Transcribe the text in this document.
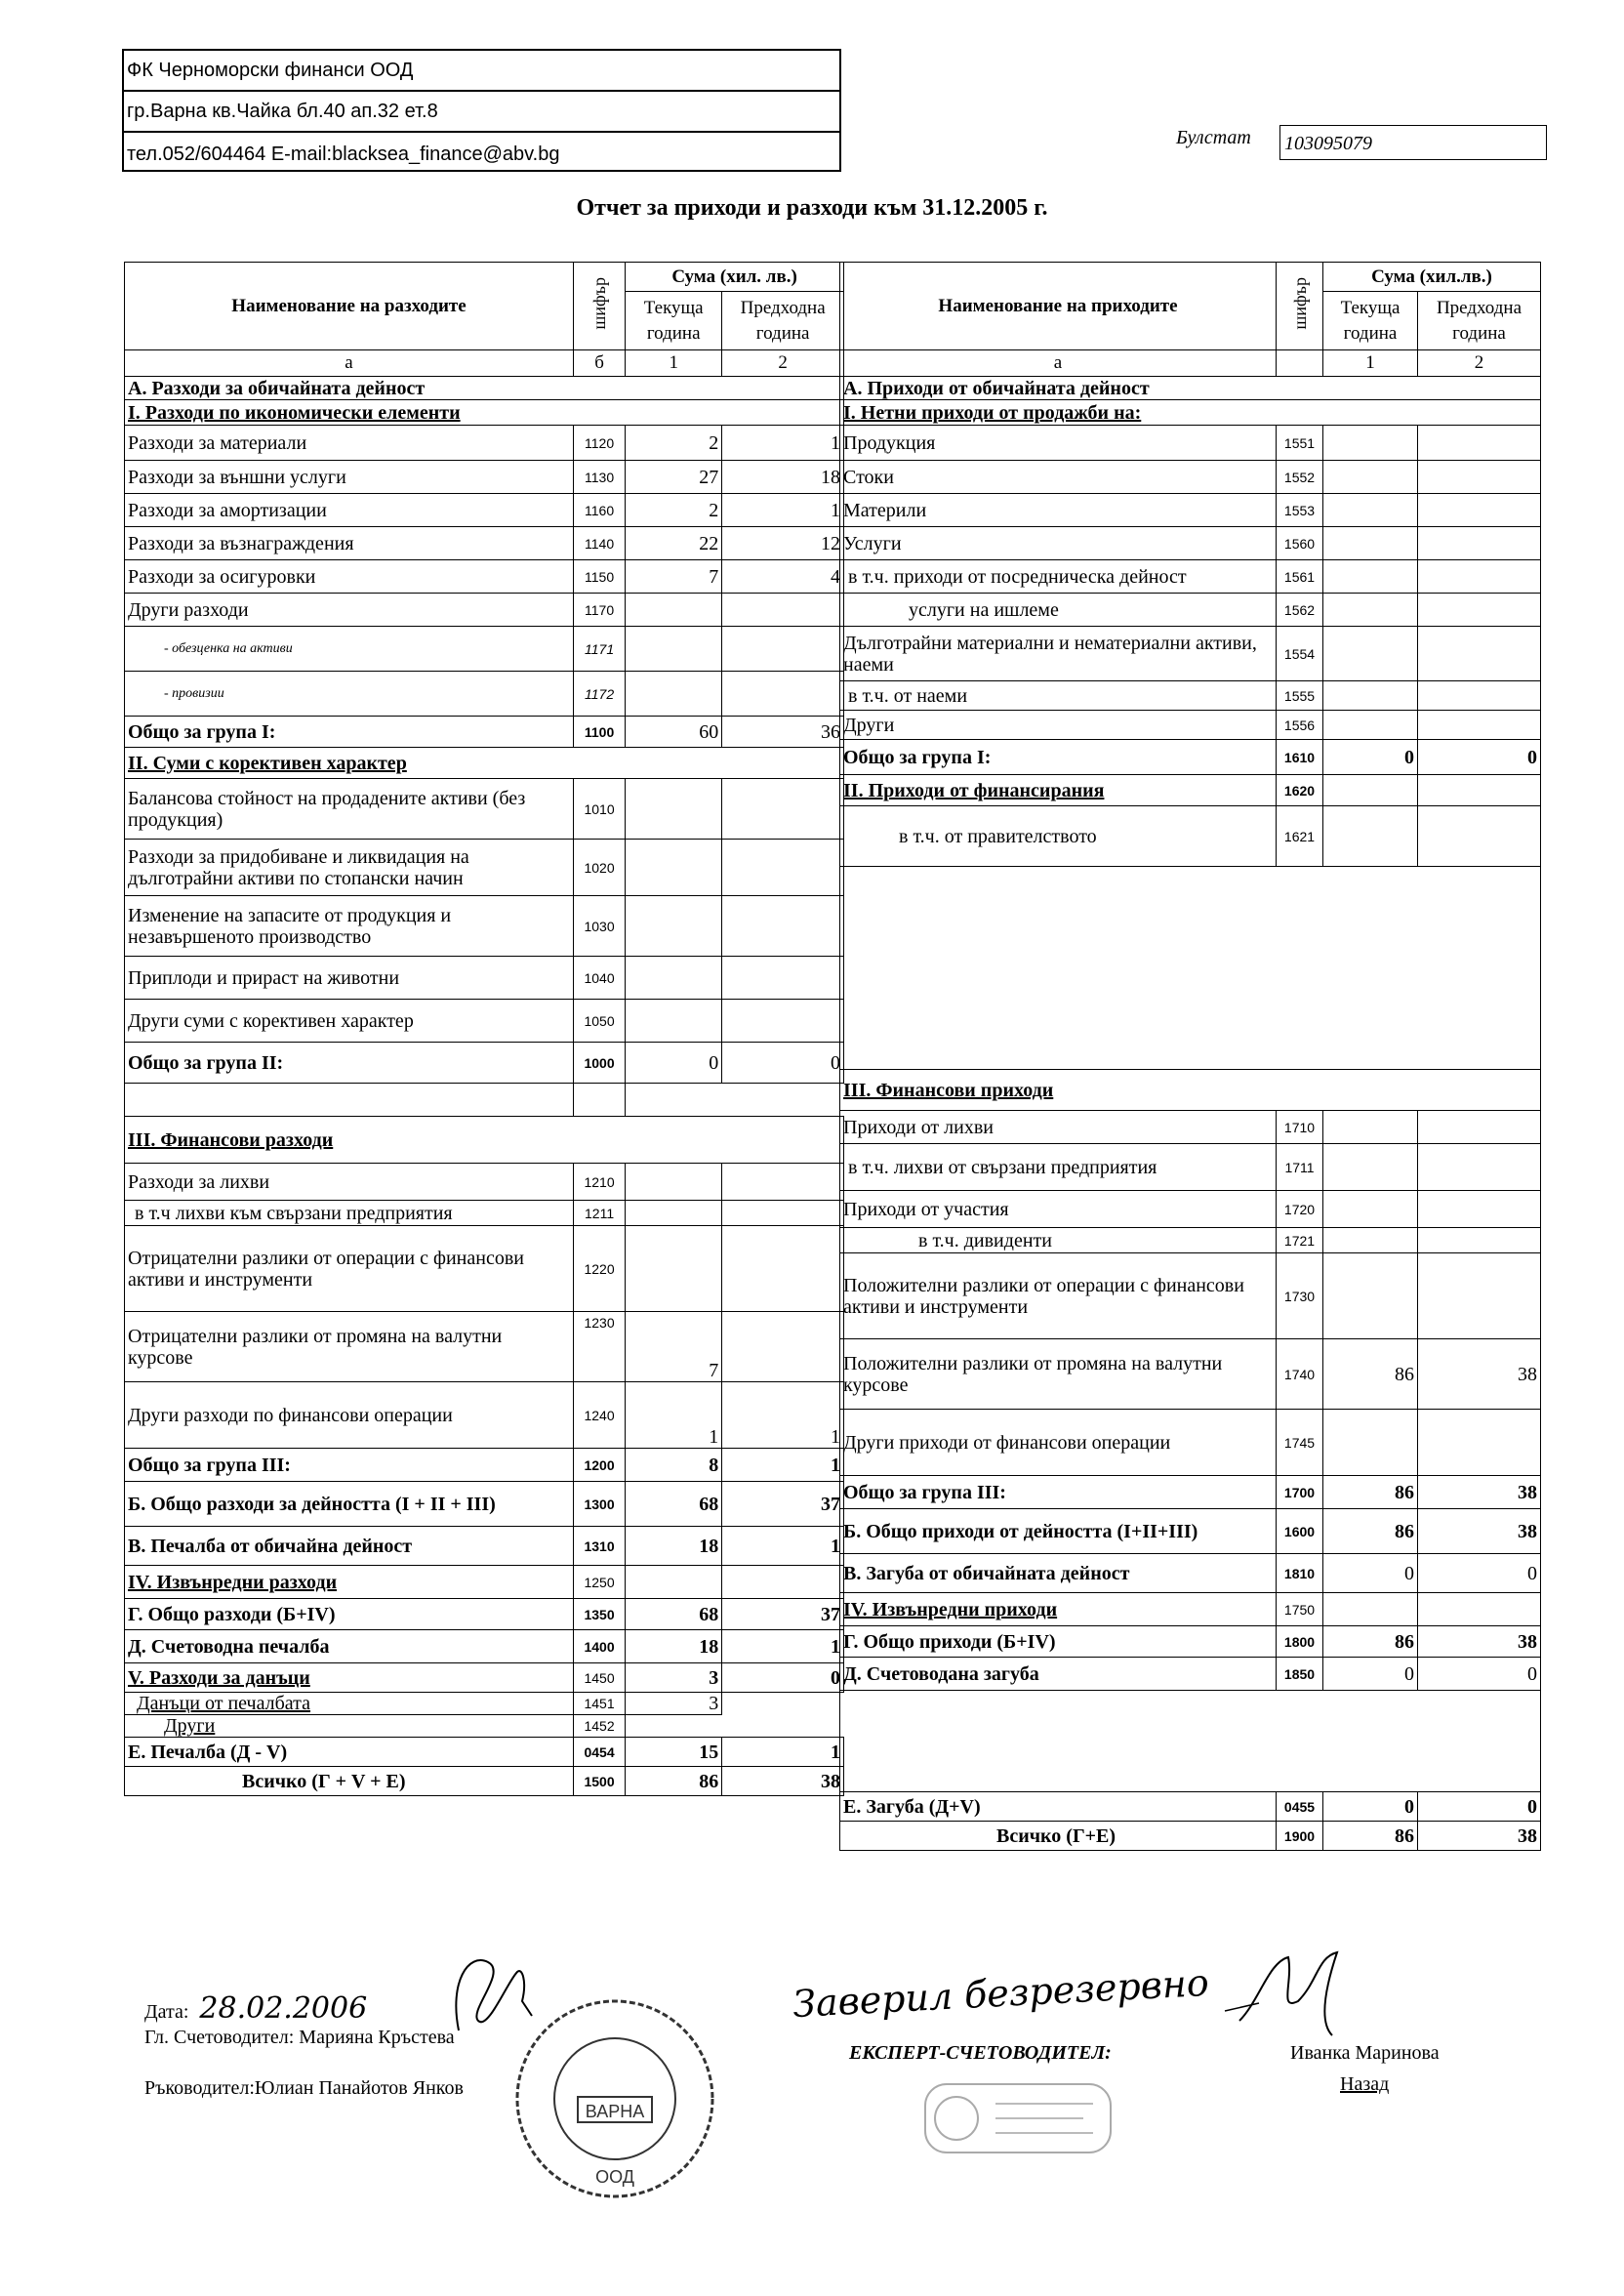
ФК Черноморски финанси ООД
гр.Варна кв.Чайка бл.40 ап.32 ет.8
тел.052/604464 E-mail:blacksea_finance@abv.bg
Булстат 103095079
Отчет за приходи и разходи към 31.12.2005 г.
Наименование на разходите	шифър	Сума (хил. лв.)	
		Текуща година	Предходна година
а	б	1	2
А. Разходи за обичайната дейност			
I. Разходи по икономически елементи			
Разходи за материали	1120	2	1
Разходи за външни услуги	1130	27	18
Разходи за амортизации	1160	2	1
Разходи за възнаграждения	1140	22	12
Разходи за осигуровки	1150	7	4
Други разходи	1170		
- обезценка на активи	1171		
- провизии	1172		
Общо за група I:	1100	60	36
II. Суми с корективен характер			
Балансова стойност на продадените активи (без продукция)	1010		
Разходи за придобиване и ликвидация на дълготрайни активи по стопански начин	1020		
Изменение на запасите от продукция и незавършеното производство	1030		
Приплоди и прираст на животни	1040		
Други суми с корективен характер	1050		
Общо за група II:	1000	0	0

III. Финансови разходи			
Разходи за лихви	1210		
в т.ч лихви към свързани предприятия	1211		
Отрицателни разлики от операции с финансови активи и инструменти	1220		
Отрицателни разлики от промяна на валутни курсове	1230	7	
Други разходи по финансови операции	1240	1	1
Общо за група III:	1200	8	1
Б. Общо разходи за дейността (I + II + III)	1300	68	37
В. Печалба от обичайна дейност	1310	18	1
IV. Извънредни разходи	1250		
Г. Общо разходи (Б+IV)	1350	68	37
Д. Счетоводна печалба	1400	18	1
V. Разходи за данъци	1450	3	0
Данъци от печалбата	1451	3	
Други	1452		
Е. Печалба (Д - V)	0454	15	1
Всичко (Г + V + Е)	1500	86	38
Наименование на приходите	шифър	Сума (хил.лв.)	
		Текуща година	Предходна година
а		1	2
А. Приходи от обичайната дейност			
I. Нетни приходи от продажби на:			
Продукция	1551		
Стоки	1552		
Материли	1553		
Услуги	1560		
в т.ч. приходи от посредническа дейност	1561		
услуги на ишлеме	1562		
Дълготрайни материални и нематериални активи, наеми	1554		
в т.ч. от наеми	1555		
Други	1556		
Общо за група I:	1610	0	0
II. Приходи от финансирания	1620		
в т.ч. от правителството	1621		

III. Финансови приходи			
Приходи от лихви	1710		
в т.ч. лихви от свързани предприятия	1711		
Приходи от участия	1720		
в т.ч. дивиденти	1721		
Положителни разлики от операции с финансови активи и инструменти	1730		
Положителни разлики от промяна на валутни курсове	1740	86	38
Други приходи от финансови операции	1745		
Общо за група III:	1700	86	38
Б. Общо приходи от дейността (I+II+III)	1600	86	38
В. Загуба от обичайната дейност	1810	0	0
IV. Извънредни приходи	1750		
Г. Общо приходи (Б+IV)	1800	86	38
Д. Счетоводана загуба	1850	0	0

Е. Загуба (Д+V)	0455	0	0
Всичко (Г+Е)	1900	86	38
Дата: 28.02.2006
Гл. Счетоводител: Марияна Кръстева
Ръководител:Юлиан Панайотов Янков
Заверил безрезервно
ЕКСПЕРТ-СЧЕТОВОДИТЕЛ:	Иванка Маринова
Назад
ВАРНА
ООД
